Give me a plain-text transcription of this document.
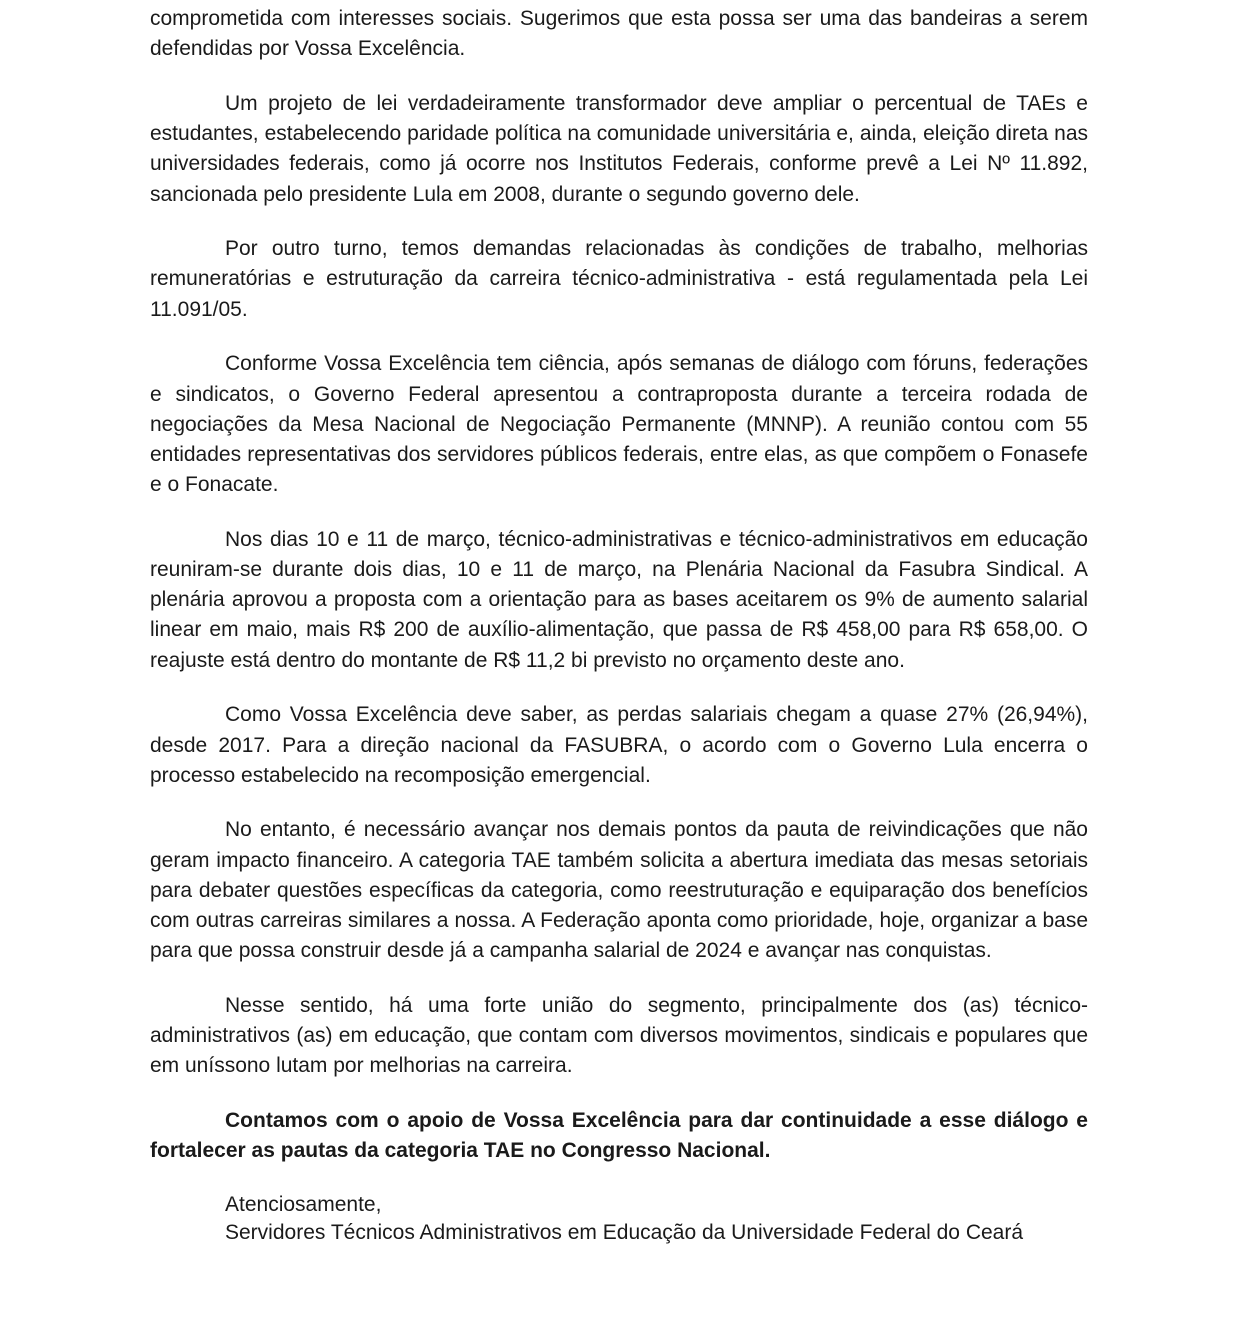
comprometida com interesses sociais. Sugerimos que esta possa ser uma das bandeiras a serem defendidas por Vossa Excelência.

Um projeto de lei verdadeiramente transformador deve ampliar o percentual de TAEs e estudantes, estabelecendo paridade política na comunidade universitária e, ainda, eleição direta nas universidades federais, como já ocorre nos Institutos Federais, conforme prevê a Lei Nº 11.892, sancionada pelo presidente Lula em 2008, durante o segundo governo dele.

Por outro turno, temos demandas relacionadas às condições de trabalho, melhorias remuneratórias e estruturação da carreira técnico-administrativa - está regulamentada pela Lei 11.091/05.

Conforme Vossa Excelência tem ciência, após semanas de diálogo com fóruns, federações e sindicatos, o Governo Federal apresentou a contraproposta durante a terceira rodada de negociações da Mesa Nacional de Negociação Permanente (MNNP). A reunião contou com 55 entidades representativas dos servidores públicos federais, entre elas, as que compõem o Fonasefe e o Fonacate.

Nos dias 10 e 11 de março, técnico-administrativas e técnico-administrativos em educação reuniram-se durante dois dias, 10 e 11 de março, na Plenária Nacional da Fasubra Sindical. A plenária aprovou a proposta com a orientação para as bases aceitarem os 9% de aumento salarial linear em maio, mais R$ 200 de auxílio-alimentação, que passa de R$ 458,00 para R$ 658,00. O reajuste está dentro do montante de R$ 11,2 bi previsto no orçamento deste ano.

Como Vossa Excelência deve saber, as perdas salariais chegam a quase 27% (26,94%), desde 2017. Para a direção nacional da FASUBRA, o acordo com o Governo Lula encerra o processo estabelecido na recomposição emergencial.

No entanto, é necessário avançar nos demais pontos da pauta de reivindicações que não geram impacto financeiro. A categoria TAE também solicita a abertura imediata das mesas setoriais para debater questões específicas da categoria, como reestruturação e equiparação dos benefícios com outras carreiras similares a nossa. A Federação aponta como prioridade, hoje, organizar a base para que possa construir desde já a campanha salarial de 2024 e avançar nas conquistas.

Nesse sentido, há uma forte união do segmento, principalmente dos (as) técnico-administrativos (as) em educação, que contam com diversos movimentos, sindicais e populares que em uníssono lutam por melhorias na carreira.

Contamos com o apoio de Vossa Excelência para dar continuidade a esse diálogo e fortalecer as pautas da categoria TAE no Congresso Nacional.

Atenciosamente,
Servidores Técnicos Administrativos em Educação da Universidade Federal do Ceará
